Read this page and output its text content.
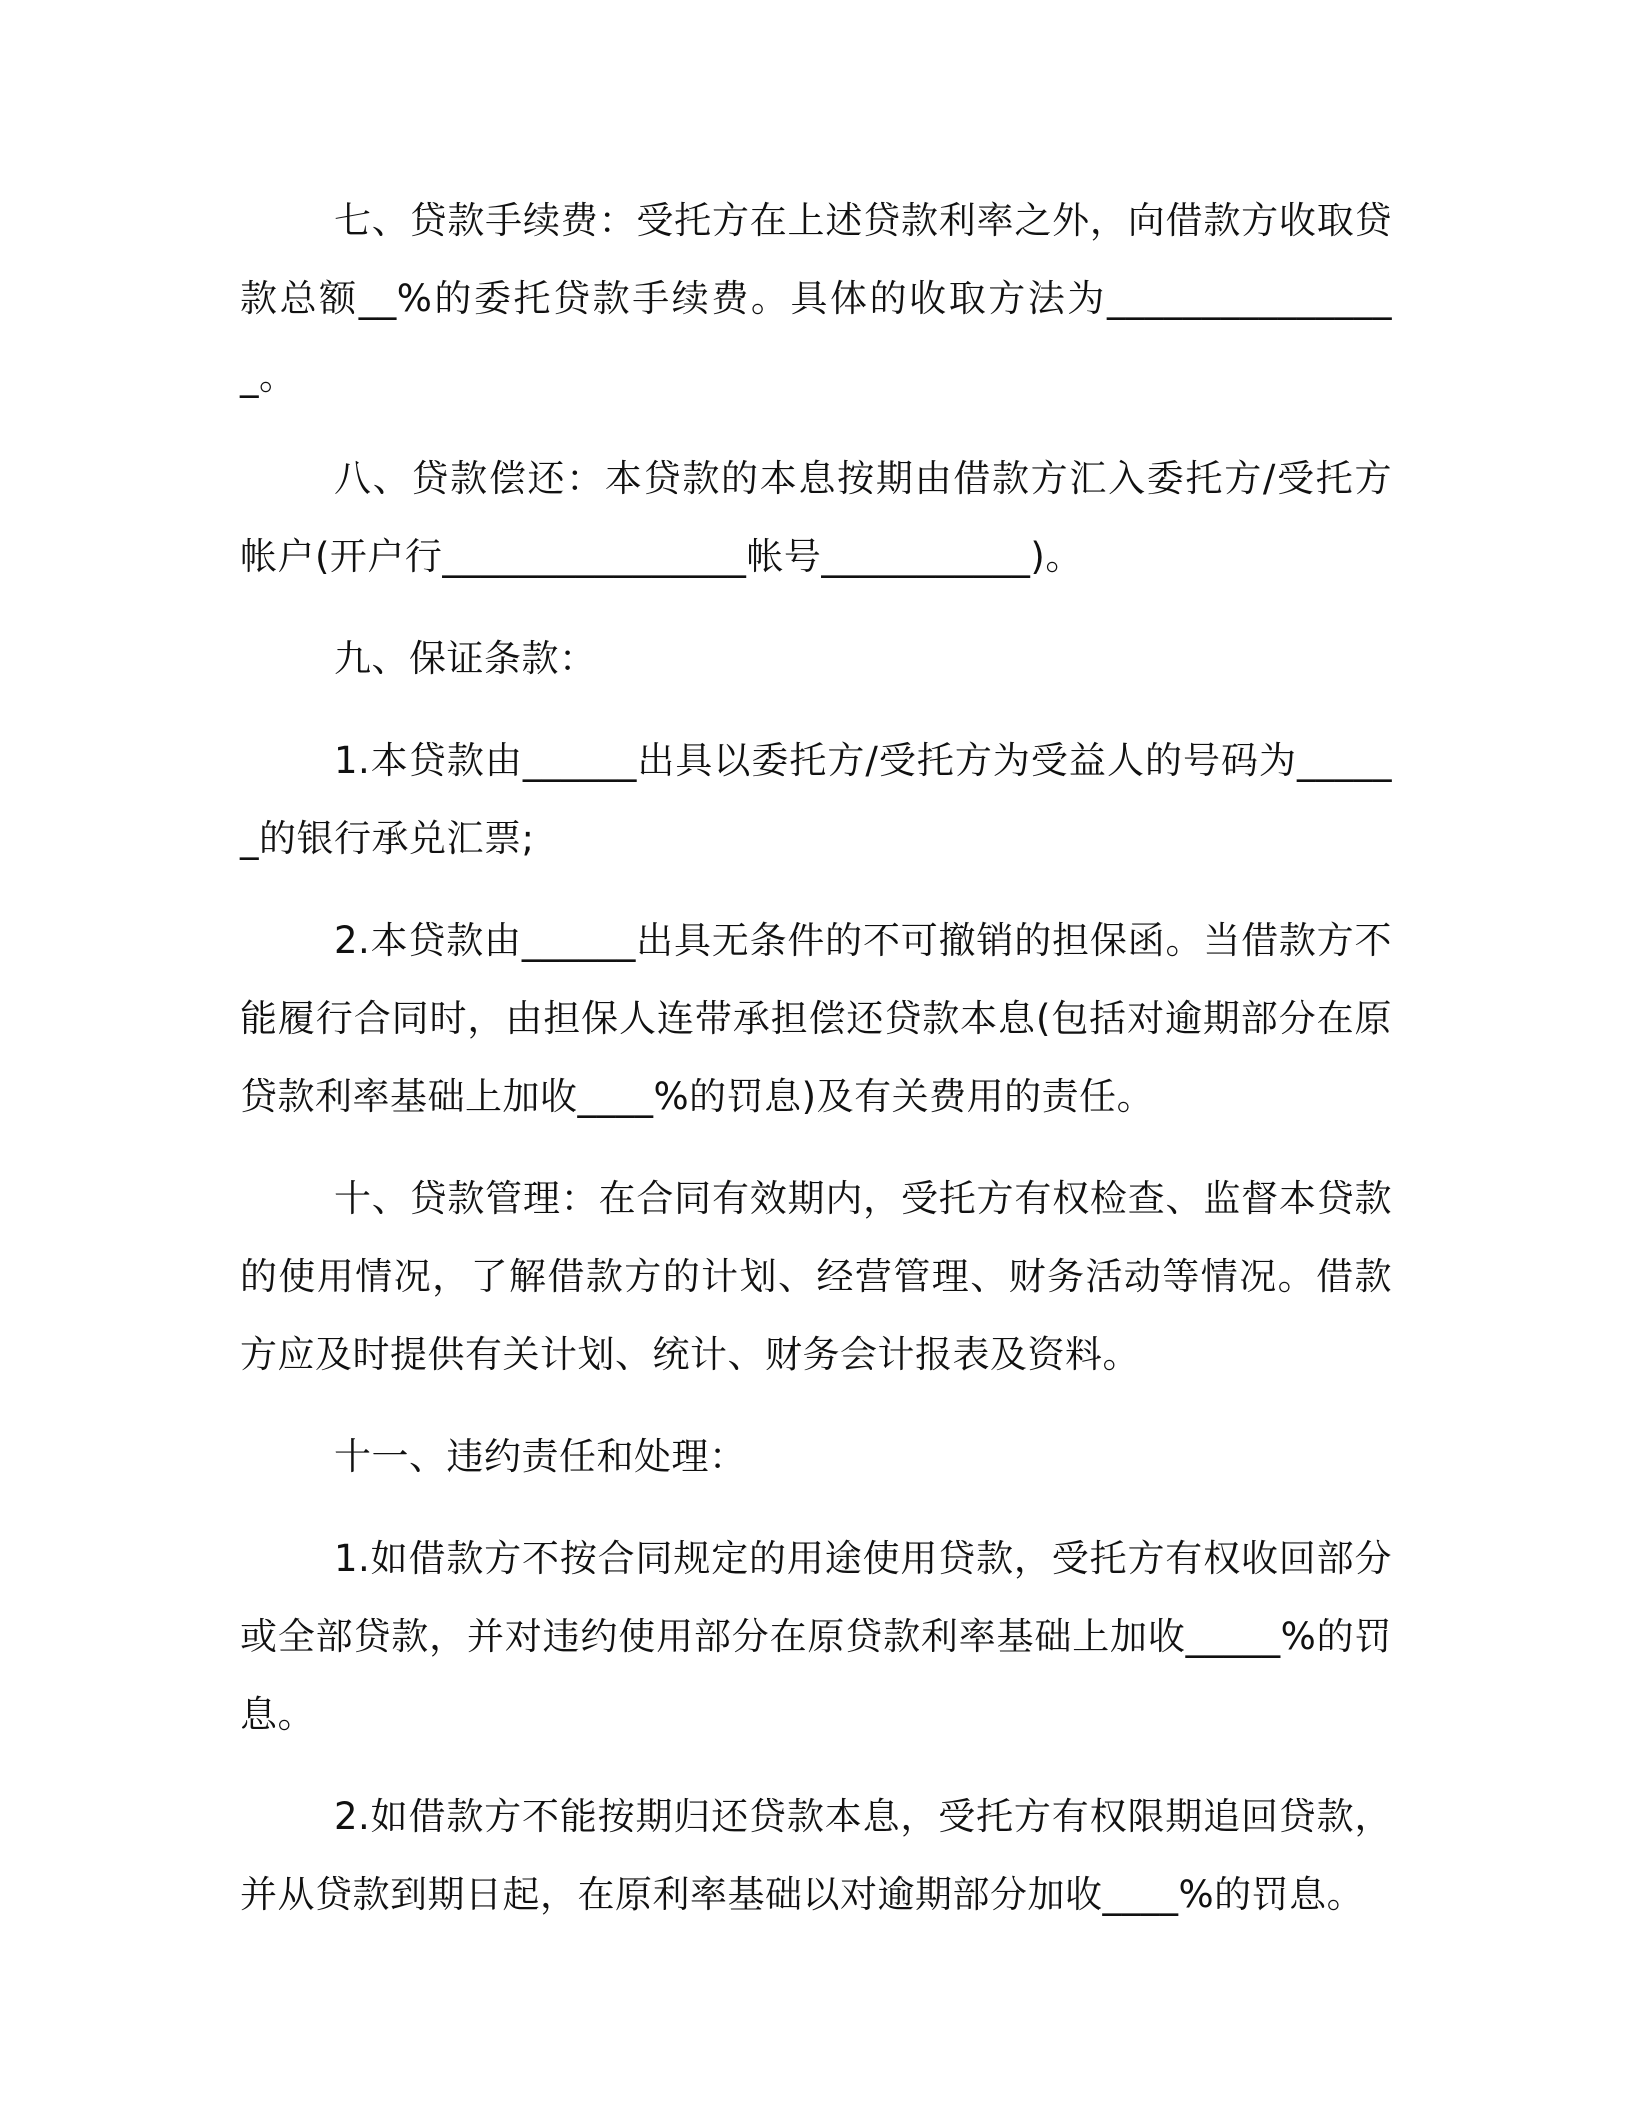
七、贷款手续费：受托方在上述贷款利率之外，向借款方收取贷款总额__%的委托贷款手续费。具体的收取方法为________________。

八、贷款偿还：本贷款的本息按期由借款方汇入委托方/受托方帐户(开户行________________帐号___________)。

九、保证条款：

1.本贷款由______出具以委托方/受托方为受益人的号码为______的银行承兑汇票;

2.本贷款由______出具无条件的不可撤销的担保函。当借款方不能履行合同时，由担保人连带承担偿还贷款本息(包括对逾期部分在原贷款利率基础上加收____%的罚息)及有关费用的责任。

十、贷款管理：在合同有效期内，受托方有权检查、监督本贷款的使用情况，了解借款方的计划、经营管理、财务活动等情况。借款方应及时提供有关计划、统计、财务会计报表及资料。

十一、违约责任和处理：

1.如借款方不按合同规定的用途使用贷款，受托方有权收回部分或全部贷款，并对违约使用部分在原贷款利率基础上加收_____%的罚息。

2.如借款方不能按期归还贷款本息，受托方有权限期追回贷款，并从贷款到期日起，在原利率基础以对逾期部分加收____%的罚息。
